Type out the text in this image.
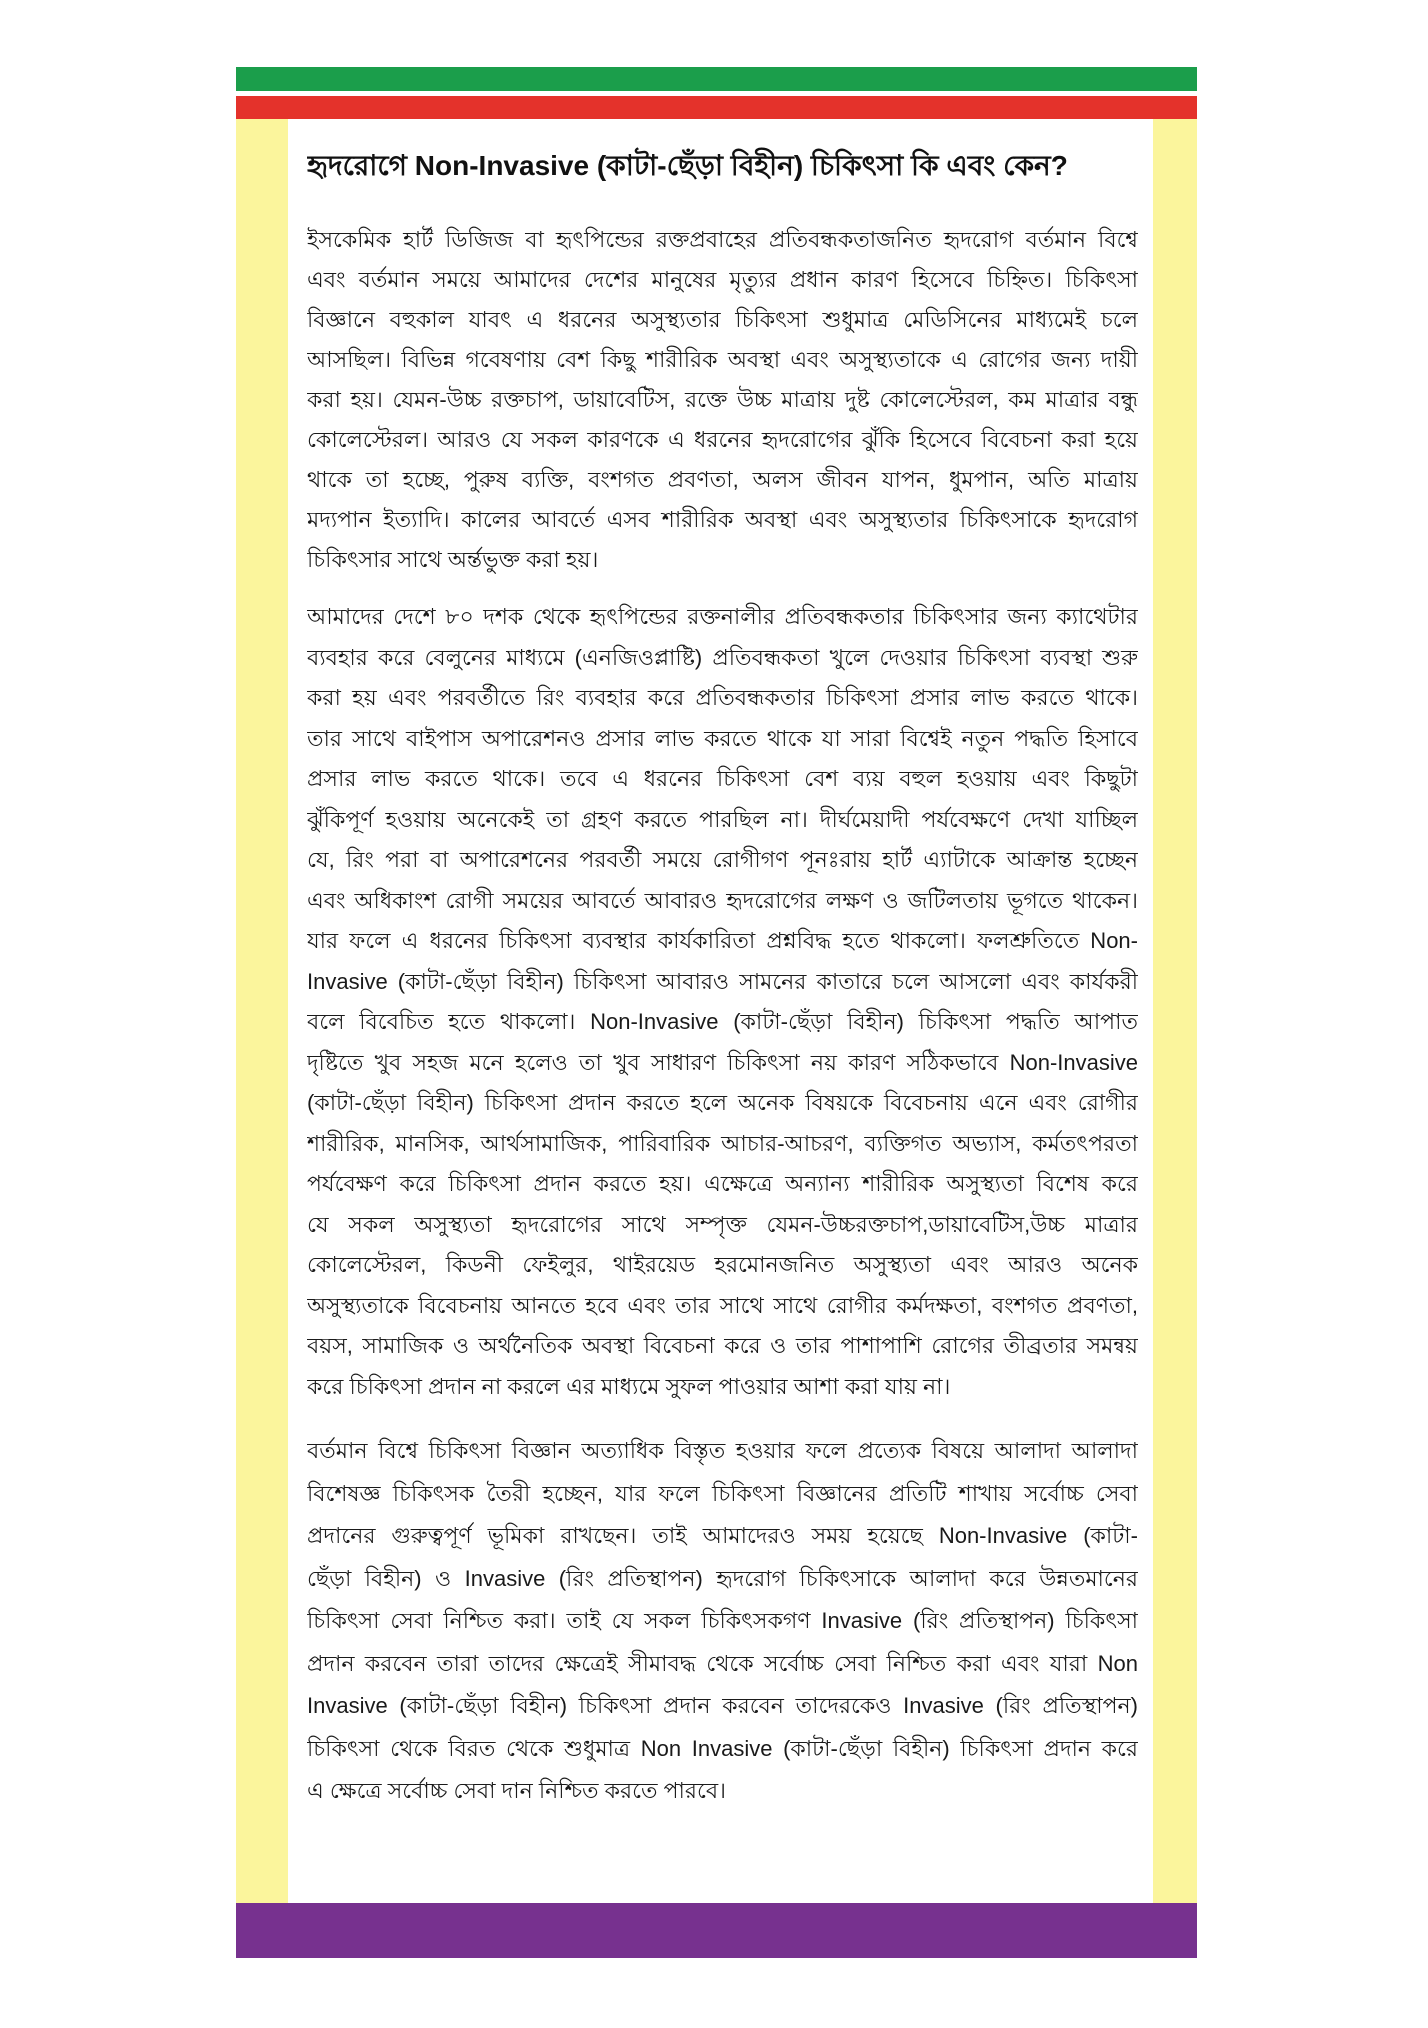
হৃদরোগে Non-Invasive (কাটা-ছেঁড়া বিহীন) চিকিৎসা কি এবং কেন?
ইসকেমিক হার্ট ডিজিজ বা হৃৎপিন্ডের রক্তপ্রবাহের প্রতিবন্ধকতাজনিত হৃদরোগ বর্তমান বিশ্বে
এবং বর্তমান সময়ে আমাদের দেশের মানুষের মৃত্যুর প্রধান কারণ হিসেবে চিহ্নিত। চিকিৎসা
বিজ্ঞানে বহুকাল যাবৎ এ ধরনের অসুস্থ্যতার চিকিৎসা শুধুমাত্র মেডিসিনের মাধ্যমেই চলে
আসছিল। বিভিন্ন গবেষণায় বেশ কিছু শারীরিক অবস্থা এবং অসুস্থ্যতাকে এ রোগের জন্য দায়ী
করা হয়। যেমন-উচ্চ রক্তচাপ, ডায়াবেটিস, রক্তে উচ্চ মাত্রায় দুষ্ট কোলেস্টেরল, কম মাত্রার বন্ধু
কোলেস্টেরল। আরও যে সকল কারণকে এ ধরনের হৃদরোগের ঝুঁকি হিসেবে বিবেচনা করা হয়ে
থাকে তা হচ্ছে, পুরুষ ব্যক্তি, বংশগত প্রবণতা, অলস জীবন যাপন, ধুমপান, অতি মাত্রায়
মদ্যপান ইত্যাদি। কালের আবর্তে এসব শারীরিক অবস্থা এবং অসুস্থ্যতার চিকিৎসাকে হৃদরোগ
চিকিৎসার সাথে অর্ন্তভুক্ত করা হয়।
আমাদের দেশে ৮০ দশক থেকে হৃৎপিন্ডের রক্তনালীর প্রতিবন্ধকতার চিকিৎসার জন্য ক্যাথেটার
ব্যবহার করে বেলুনের মাধ্যমে (এনজিওপ্লাষ্টি) প্রতিবন্ধকতা খুলে দেওয়ার চিকিৎসা ব্যবস্থা শুরু
করা হয় এবং পরবর্তীতে রিং ব্যবহার করে প্রতিবন্ধকতার চিকিৎসা প্রসার লাভ করতে থাকে।
তার সাথে বাইপাস অপারেশনও প্রসার লাভ করতে থাকে যা সারা বিশ্বেই নতুন পদ্ধতি হিসাবে
প্রসার লাভ করতে থাকে। তবে এ ধরনের চিকিৎসা বেশ ব্যয় বহুল হওয়ায় এবং কিছুটা
ঝুঁকিপূর্ণ হওয়ায় অনেকেই তা গ্রহণ করতে পারছিল না। দীর্ঘমেয়াদী পর্যবেক্ষণে দেখা যাচ্ছিল
যে, রিং পরা বা অপারেশনের পরবর্তী সময়ে রোগীগণ পূনঃরায় হার্ট এ্যাটাকে আক্রান্ত হচ্ছেন
এবং অধিকাংশ রোগী সময়ের আবর্তে আবারও হৃদরোগের লক্ষণ ও জটিলতায় ভূগতে থাকেন।
যার ফলে এ ধরনের চিকিৎসা ব্যবস্থার কার্যকারিতা প্রশ্নবিদ্ধ হতে থাকলো। ফলশ্রুতিতে Non-
Invasive (কাটা-ছেঁড়া বিহীন) চিকিৎসা আবারও সামনের কাতারে চলে আসলো এবং কার্যকরী
বলে বিবেচিত হতে থাকলো। Non-Invasive (কাটা-ছেঁড়া বিহীন) চিকিৎসা পদ্ধতি আপাত
দৃষ্টিতে খুব সহজ মনে হলেও তা খুব সাধারণ চিকিৎসা নয় কারণ সঠিকভাবে Non-Invasive
(কাটা-ছেঁড়া বিহীন) চিকিৎসা প্রদান করতে হলে অনেক বিষয়কে বিবেচনায় এনে এবং রোগীর
শারীরিক, মানসিক, আর্থসামাজিক, পারিবারিক আচার-আচরণ, ব্যক্তিগত অভ্যাস, কর্মতৎপরতা
পর্যবেক্ষণ করে চিকিৎসা প্রদান করতে হয়। এক্ষেত্রে অন্যান্য শারীরিক অসুস্থ্যতা বিশেষ করে
যে সকল অসুস্থ্যতা হৃদরোগের সাথে সম্পৃক্ত যেমন-উচ্চরক্তচাপ,ডায়াবেটিস,উচ্চ মাত্রার
কোলেস্টেরল, কিডনী ফেইলুর, থাইরয়েড হরমোনজনিত অসুস্থ্যতা এবং আরও অনেক
অসুস্থ্যতাকে বিবেচনায় আনতে হবে এবং তার সাথে সাথে রোগীর কর্মদক্ষতা, বংশগত প্রবণতা,
বয়স, সামাজিক ও অর্থনৈতিক অবস্থা বিবেচনা করে ও তার পাশাপাশি রোগের তীব্রতার সমন্বয়
করে চিকিৎসা প্রদান না করলে এর মাধ্যমে সুফল পাওয়ার আশা করা যায় না।
বর্তমান বিশ্বে চিকিৎসা বিজ্ঞান অত্যাধিক বিস্তৃত হওয়ার ফলে প্রত্যেক বিষয়ে আলাদা আলাদা
বিশেষজ্ঞ চিকিৎসক তৈরী হচ্ছেন, যার ফলে চিকিৎসা বিজ্ঞানের প্রতিটি শাখায় সর্বোচ্চ সেবা
প্রদানের গুরুত্বপূর্ণ ভূমিকা রাখছেন। তাই আমাদেরও সময় হয়েছে Non-Invasive (কাটা-
ছেঁড়া বিহীন) ও Invasive (রিং প্রতিস্থাপন) হৃদরোগ চিকিৎসাকে আলাদা করে উন্নতমানের
চিকিৎসা সেবা নিশ্চিত করা। তাই যে সকল চিকিৎসকগণ Invasive (রিং প্রতিস্থাপন) চিকিৎসা
প্রদান করবেন তারা তাদের ক্ষেত্রেই সীমাবদ্ধ থেকে সর্বোচ্চ সেবা নিশ্চিত করা এবং যারা Non
Invasive (কাটা-ছেঁড়া বিহীন) চিকিৎসা প্রদান করবেন তাদেরকেও Invasive (রিং প্রতিস্থাপন)
চিকিৎসা থেকে বিরত থেকে শুধুমাত্র Non Invasive (কাটা-ছেঁড়া বিহীন) চিকিৎসা প্রদান করে
এ ক্ষেত্রে সর্বোচ্চ সেবা দান নিশ্চিত করতে পারবে।
